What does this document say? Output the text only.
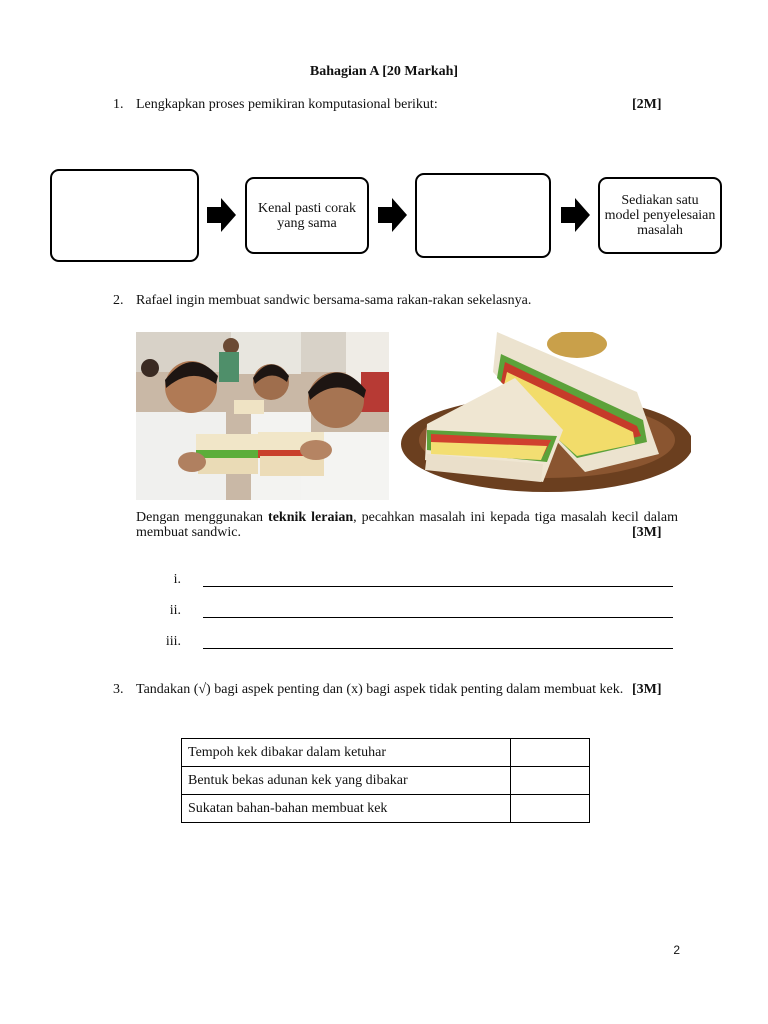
Bahagian A [20 Markah]
1. Lengkapkan proses pemikiran komputasional berikut:	[2M]
Kenal pasti corak yang sama
Sediakan satu model penyelesaian masalah
2. Rafael ingin membuat sandwic bersama-sama rakan-rakan sekelasnya.
Dengan menggunakan teknik leraian, pecahkan masalah ini kepada tiga masalah kecil dalam membuat sandwic.	[3M]
i.
ii.
iii.
3. Tandakan (√) bagi aspek penting dan (x) bagi aspek tidak penting dalam membuat kek. [3M]
Tempoh kek dibakar dalam ketuhar	
Bentuk bekas adunan kek yang dibakar	
Sukatan bahan-bahan membuat kek	
2
